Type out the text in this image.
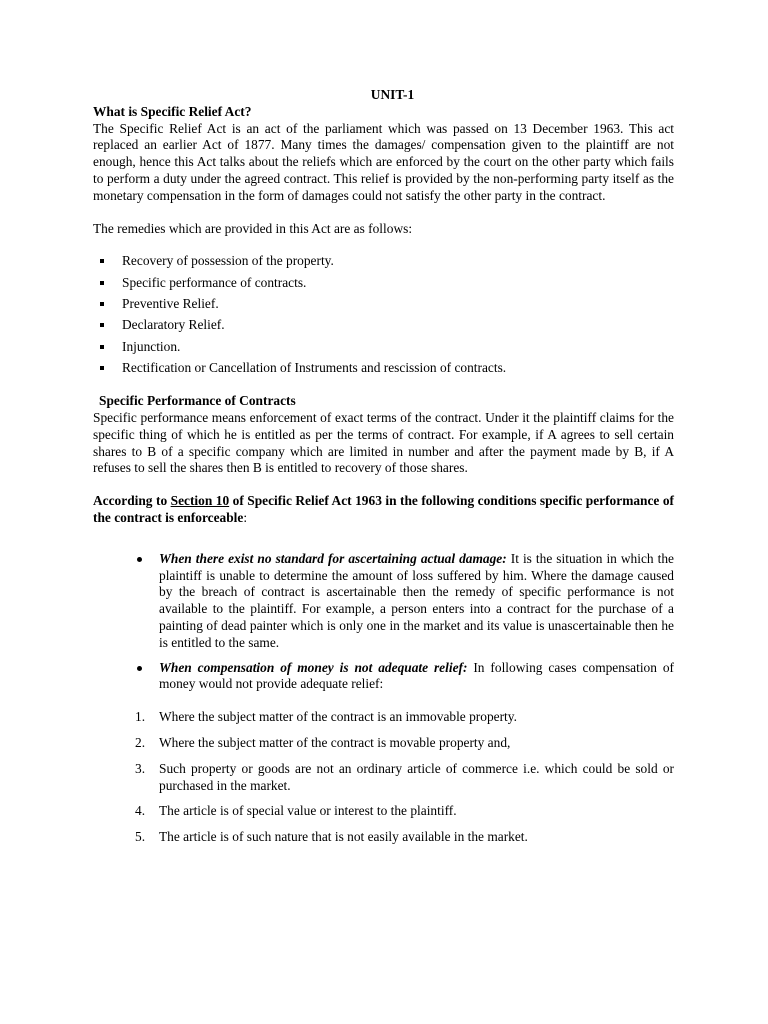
UNIT-1

What is Specific Relief Act?

The Specific Relief Act is an act of the parliament which was passed on 13 December 1963. This act replaced an earlier Act of 1877. Many times the damages/ compensation given to the plaintiff are not enough, hence this Act talks about the reliefs which are enforced by the court on the other party which fails to perform a duty under the agreed contract. This relief is provided by the non-performing party itself as the monetary compensation in the form of damages could not satisfy the other party in the contract.

The remedies which are provided in this Act are as follows:

Recovery of possession of the property.
Specific performance of contracts.
Preventive Relief.
Declaratory Relief.
Injunction.
Rectification or Cancellation of Instruments and rescission of contracts.

Specific Performance of Contracts

Specific performance means enforcement of exact terms of the contract. Under it the plaintiff claims for the specific thing of which he is entitled as per the terms of contract. For example, if A agrees to sell certain shares to B of a specific company which are limited in number and after the payment made by B, if A refuses to sell the shares then B is entitled to recovery of those shares.

According to Section 10 of Specific Relief Act 1963 in the following conditions specific performance of the contract is enforceable:

When there exist no standard for ascertaining actual damage: It is the situation in which the plaintiff is unable to determine the amount of loss suffered by him. Where the damage caused by the breach of contract is ascertainable then the remedy of specific performance is not available to the plaintiff. For example, a person enters into a contract for the purchase of a painting of dead painter which is only one in the market and its value is unascertainable then he is entitled to the same.
When compensation of money is not adequate relief: In following cases compensation of money would not provide adequate relief:
1. Where the subject matter of the contract is an immovable property.
2. Where the subject matter of the contract is movable property and,
3. Such property or goods are not an ordinary article of commerce i.e. which could be sold or purchased in the market.
4. The article is of special value or interest to the plaintiff.
5. The article is of such nature that is not easily available in the market.
